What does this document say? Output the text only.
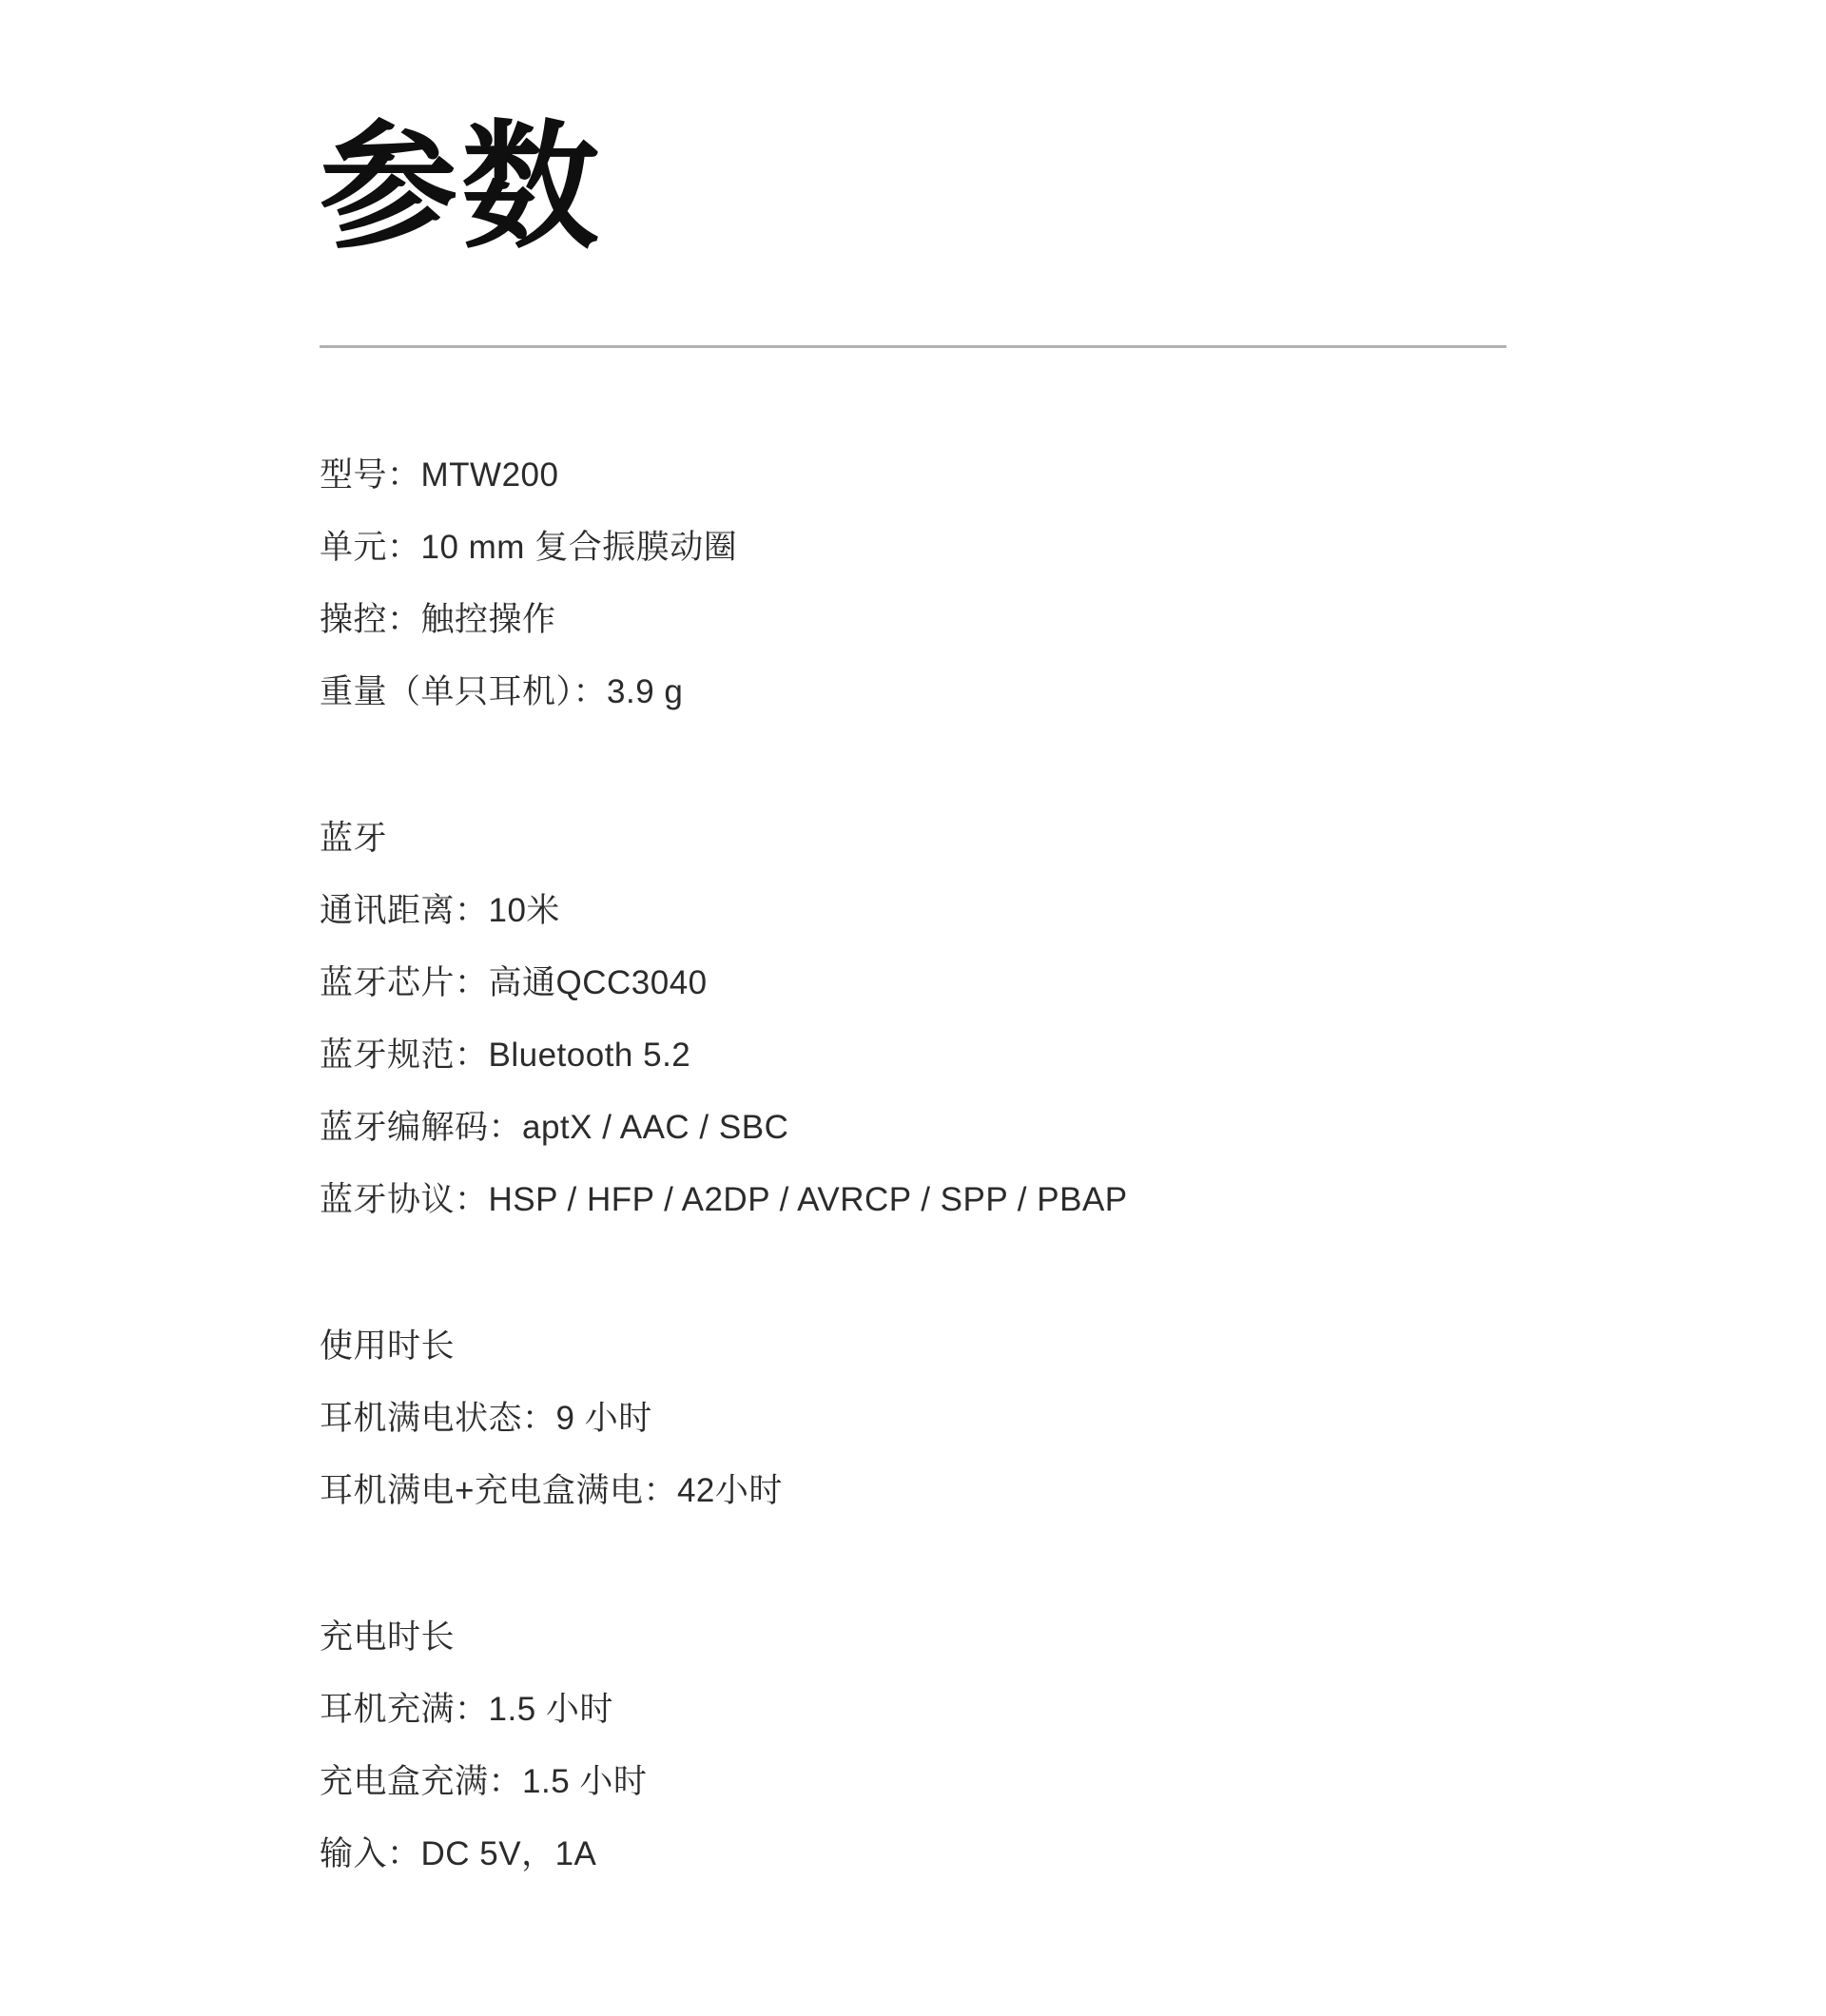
参数

型号：MTW200

单元：10 mm 复合振膜动圈

操控：触控操作

重量（单只耳机）：3.9 g

蓝牙

通讯距离：10米

蓝牙芯片：高通QCC3040

蓝牙规范：Bluetooth 5.2

蓝牙编解码：aptX / AAC / SBC

蓝牙协议：HSP / HFP / A2DP / AVRCP / SPP / PBAP

使用时长

耳机满电状态：9 小时

耳机满电+充电盒满电：42小时

充电时长

耳机充满：1.5 小时

充电盒充满：1.5 小时

输入：DC 5V，1A
